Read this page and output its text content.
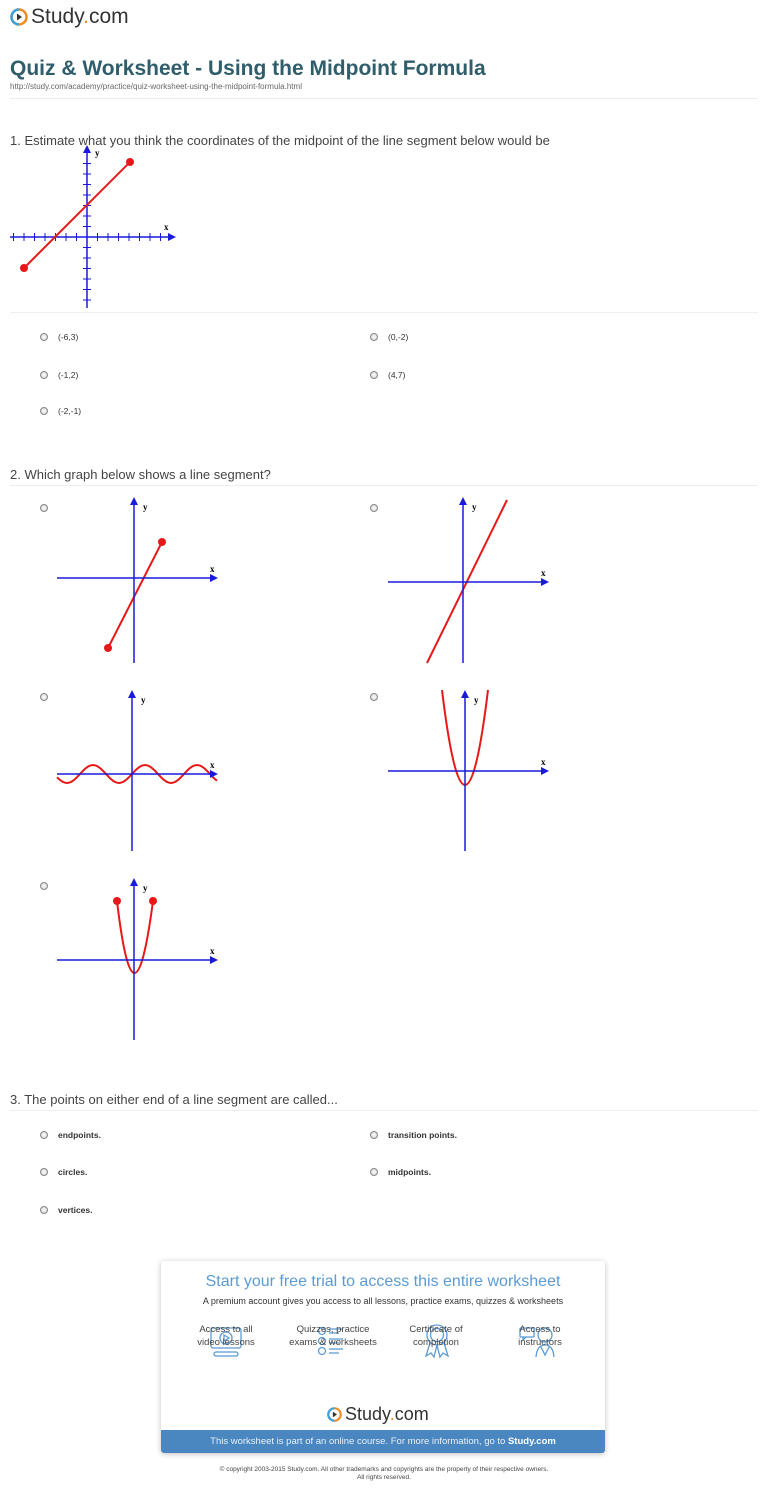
Study.com
Quiz & Worksheet - Using the Midpoint Formula
http://study.com/academy/practice/quiz-worksheet-using-the-midpoint-formula.html
1. Estimate what you think the coordinates of the midpoint of the line segment below would be
y
x
(-6,3)	(0,-2)
(-1,2)	(4,7)
(-2,-1)
2. Which graph below shows a line segment?
y
x
y
x
y
x
y
x
y
x
3. The points on either end of a line segment are called...
endpoints.	transition points.
circles.	midpoints.
vertices.
Start your free trial to access this entire worksheet
A premium account gives you access to all lessons, practice exams, quizzes & worksheets
Access to all
video lessons
Quizzes, practice
exams & worksheets
Certificate of
completion
Access to
instructors
Study.com
This worksheet is part of an online course. For more information, go to Study.com
© copyright 2003-2015 Study.com. All other trademarks and copyrights are the property of their respective owners.
All rights reserved.
